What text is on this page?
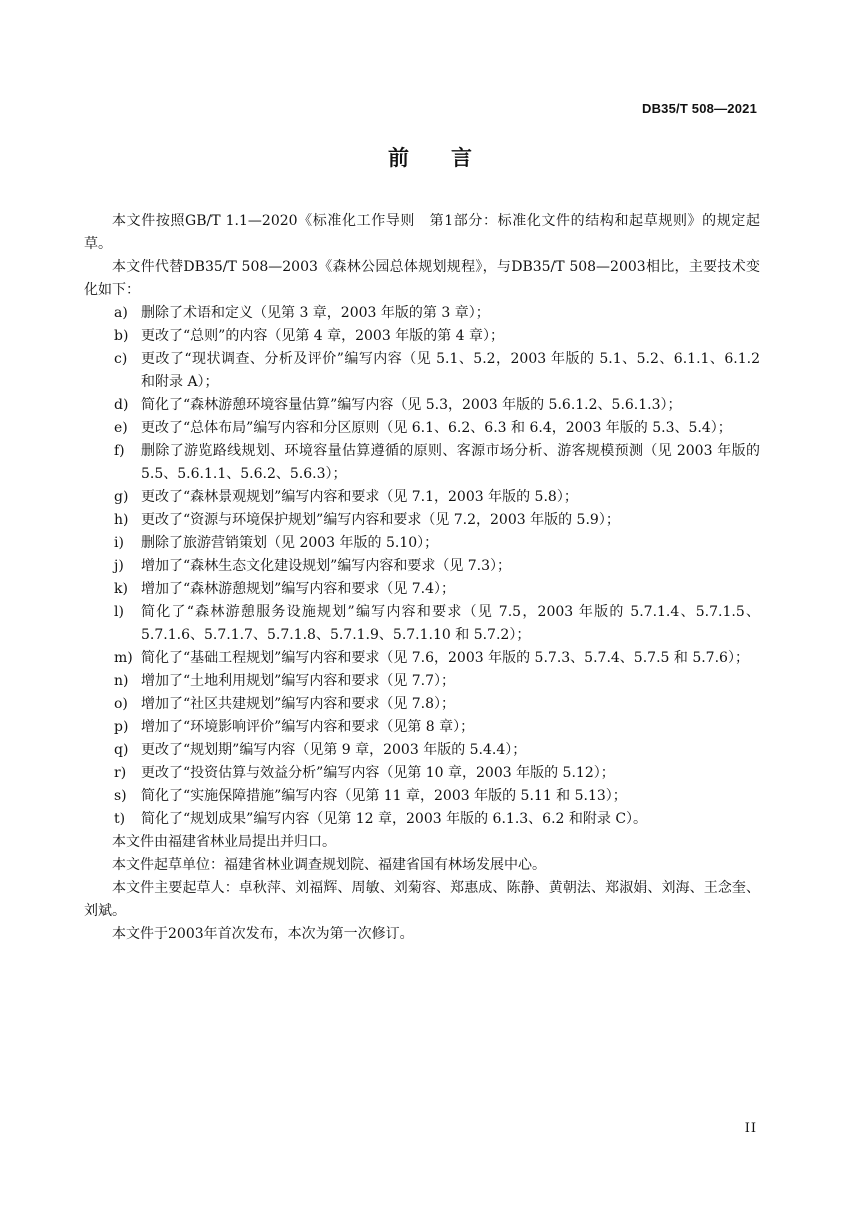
DB35/T 508—2021
前　　言

本文件按照GB/T 1.1—2020《标准化工作导则　第1部分：标准化文件的结构和起草规则》的规定起草。

本文件代替DB35/T 508—2003《森林公园总体规划规程》，与DB35/T 508—2003相比，主要技术变化如下：

a) 删除了术语和定义（见第 3 章，2003 年版的第 3 章）；
b) 更改了“总则”的内容（见第 4 章，2003 年版的第 4 章）；
c) 更改了“现状调查、分析及评价”编写内容（见 5.1、5.2，2003 年版的 5.1、5.2、6.1.1、6.1.2 和附录 A）；
d) 简化了“森林游憩环境容量估算”编写内容（见 5.3，2003 年版的 5.6.1.2、5.6.1.3）；
e) 更改了“总体布局”编写内容和分区原则（见 6.1、6.2、6.3 和 6.4，2003 年版的 5.3、5.4）；
f)	删除了游览路线规划、环境容量估算遵循的原则、客源市场分析、游客规模预测（见 2003 年版的 5.5、5.6.1.1、5.6.2、5.6.3）；
g) 更改了“森林景观规划”编写内容和要求（见 7.1，2003 年版的 5.8）；
h) 更改了“资源与环境保护规划”编写内容和要求（见 7.2，2003 年版的 5.9）；
i)	删除了旅游营销策划（见 2003 年版的 5.10）；
j)	增加了“森林生态文化建设规划”编写内容和要求（见 7.3）；
k) 增加了“森林游憩规划”编写内容和要求（见 7.4）；
l)	简化了“森林游憩服务设施规划”编写内容和要求（见 7.5，2003 年版的 5.7.1.4、5.7.1.5、5.7.1.6、5.7.1.7、5.7.1.8、5.7.1.9、5.7.1.10 和 5.7.2）；
m) 简化了“基础工程规划”编写内容和要求（见 7.6，2003 年版的 5.7.3、5.7.4、5.7.5 和 5.7.6）；
n) 增加了“土地利用规划”编写内容和要求（见 7.7）；
o) 增加了“社区共建规划”编写内容和要求（见 7.8）；
p) 增加了“环境影响评价”编写内容和要求（见第 8 章）；
q) 更改了“规划期”编写内容（见第 9 章，2003 年版的 5.4.4）；
r)	更改了“投资估算与效益分析”编写内容（见第 10 章，2003 年版的 5.12）；
s)	简化了“实施保障措施”编写内容（见第 11 章，2003 年版的 5.11 和 5.13）；
t)	简化了“规划成果”编写内容（见第 12 章，2003 年版的 6.1.3、6.2 和附录 C）。

本文件由福建省林业局提出并归口。

本文件起草单位：福建省林业调查规划院、福建省国有林场发展中心。

本文件主要起草人：卓秋萍、刘福辉、周敏、刘菊容、郑惠成、陈静、黄朝法、郑淑娟、刘海、王念奎、刘斌。

本文件于2003年首次发布，本次为第一次修订。

II
